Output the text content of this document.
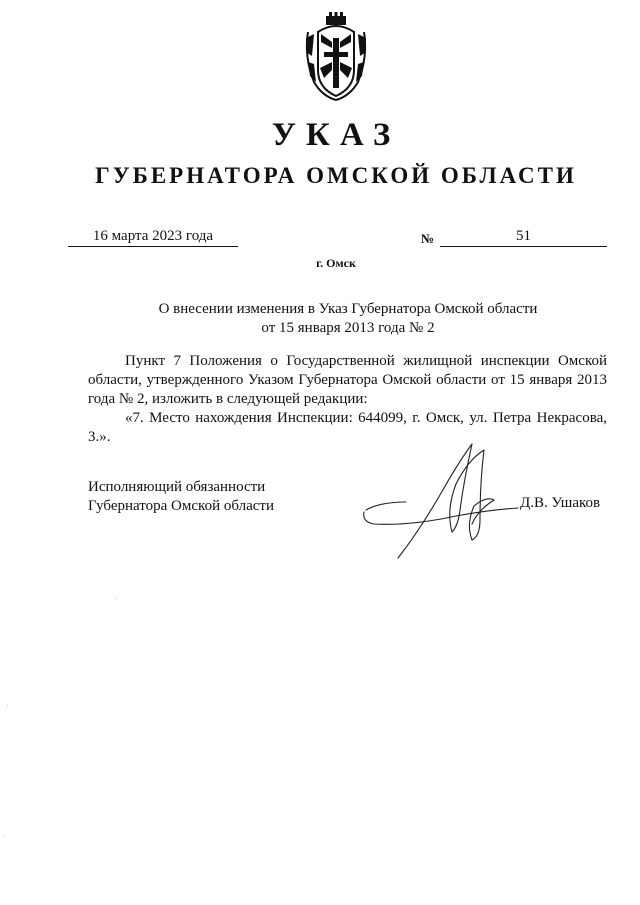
УКАЗ
ГУБЕРНАТОРА ОМСКОЙ ОБЛАСТИ
16 марта 2023 года	№	51
г. Омск
О внесении изменения в Указ Губернатора Омской области
от 15 января 2013 года № 2

Пункт 7 Положения о Государственной жилищной инспекции Омской области, утвержденного Указом Губернатора Омской области от 15 января 2013 года № 2, изложить в следующей редакции:

«7. Место нахождения Инспекции: 644099, г. Омск, ул. Петра Некрасова, 3.».

Исполняющий обязанности
Губернатора Омской области	Д.В. Ушаков
